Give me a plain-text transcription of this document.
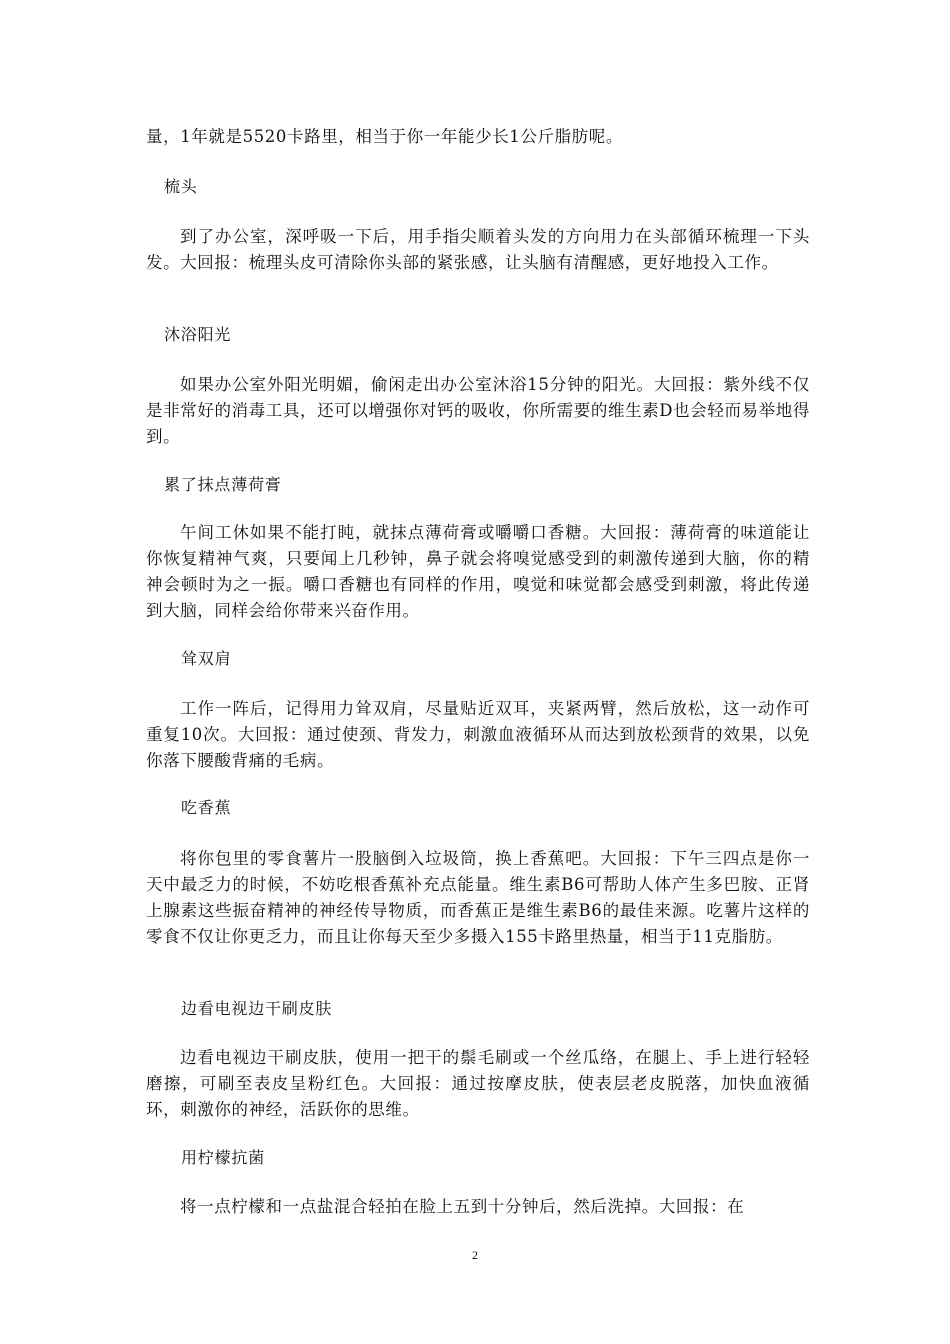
量，1年就是5520卡路里，相当于你一年能少长1公斤脂肪呢。

梳头

到了办公室，深呼吸一下后，用手指尖顺着头发的方向用力在头部循环梳理一下头发。大回报：梳理头皮可清除你头部的紧张感，让头脑有清醒感，更好地投入工作。

沐浴阳光

如果办公室外阳光明媚，偷闲走出办公室沐浴15分钟的阳光。大回报：紫外线不仅是非常好的消毒工具，还可以增强你对钙的吸收，你所需要的维生素D也会轻而易举地得到。

累了抹点薄荷膏

午间工休如果不能打盹，就抹点薄荷膏或嚼嚼口香糖。大回报：薄荷膏的味道能让你恢复精神气爽，只要闻上几秒钟，鼻子就会将嗅觉感受到的刺激传递到大脑，你的精神会顿时为之一振。嚼口香糖也有同样的作用，嗅觉和味觉都会感受到刺激，将此传递到大脑，同样会给你带来兴奋作用。

耸双肩

工作一阵后，记得用力耸双肩，尽量贴近双耳，夹紧两臂，然后放松，这一动作可重复10次。大回报：通过使颈、背发力，刺激血液循环从而达到放松颈背的效果，以免你落下腰酸背痛的毛病。

吃香蕉

将你包里的零食薯片一股脑倒入垃圾筒，换上香蕉吧。大回报：下午三四点是你一天中最乏力的时候，不妨吃根香蕉补充点能量。维生素B6可帮助人体产生多巴胺、正肾上腺素这些振奋精神的神经传导物质，而香蕉正是维生素B6的最佳来源。吃薯片这样的零食不仅让你更乏力，而且让你每天至少多摄入155卡路里热量，相当于11克脂肪。

边看电视边干刷皮肤

边看电视边干刷皮肤，使用一把干的鬃毛刷或一个丝瓜络，在腿上、手上进行轻轻磨擦，可刷至表皮呈粉红色。大回报：通过按摩皮肤，使表层老皮脱落，加快血液循环，刺激你的神经，活跃你的思维。

用柠檬抗菌

将一点柠檬和一点盐混合轻拍在脸上五到十分钟后，然后洗掉。大回报：在

2
